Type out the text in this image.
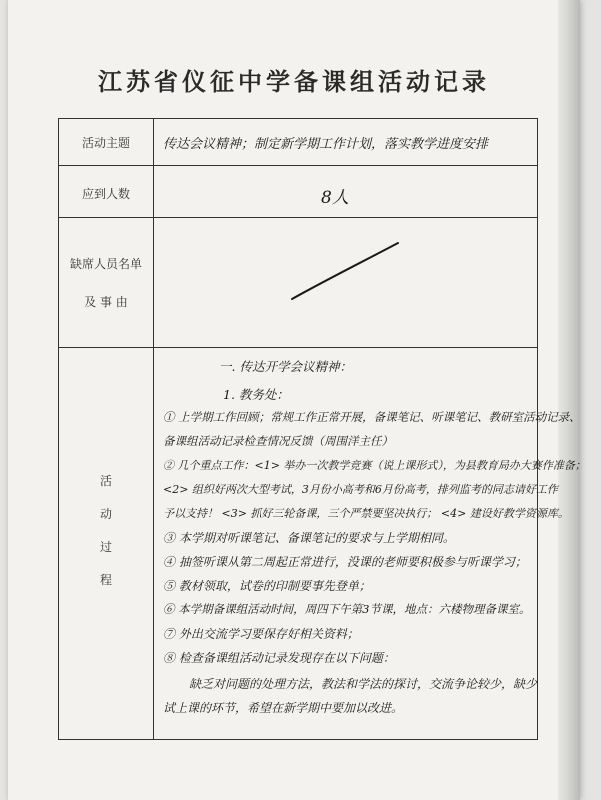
江苏省仪征中学备课组活动记录
活动主题
应到人数
缺席人员名单
及 事 由
活
动
过
程
传达会议精神；制定新学期工作计划，落实教学进度安排
8人
一. 传达开学会议精神：
1. 教务处：
① 上学期工作回顾；常规工作正常开展，备课笔记、听课笔记、教研室活动记录、
备课组活动记录检查情况反馈（周围洋主任）
② 几个重点工作：<1> 举办一次教学竞赛（说上课形式），为县教育局办大赛作准备；
<2> 组织好两次大型考试，3月份小高考和6月份高考，排列监考的同志请好工作
予以支持！ <3> 抓好三轮备课，三个严禁要坚决执行； <4> 建设好教学资源库。
③ 本学期对听课笔记、备课笔记的要求与上学期相同。
④ 抽签听课从第二周起正常进行，没课的老师要积极参与听课学习；
⑤ 教材领取，试卷的印制要事先登单；
⑥ 本学期备课组活动时间，周四下午第3节课，地点：六楼物理备课室。
⑦ 外出交流学习要保存好相关资料；
⑧ 检查备课组活动记录发现存在以下问题：
缺乏对问题的处理方法，教法和学法的探讨，交流争论较少，缺少
试上课的环节，希望在新学期中要加以改进。
